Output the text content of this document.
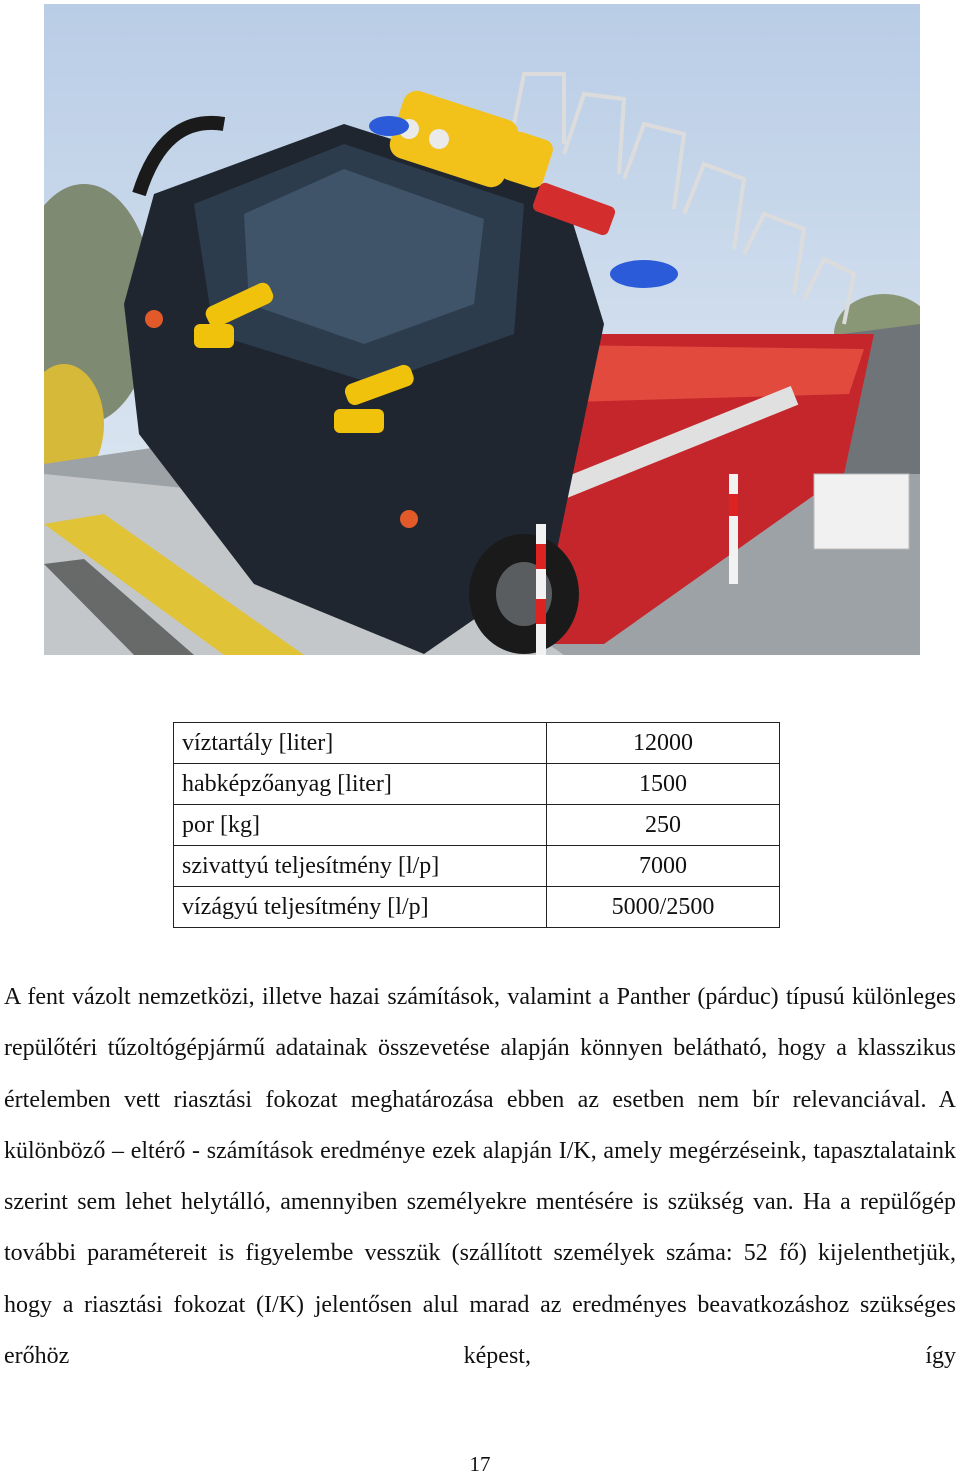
víztartály [liter]	12000
habképzőanyag [liter]	1500
por [kg]	250
szivattyú teljesítmény [l/p]	7000
vízágyú teljesítmény [l/p]	5000/2500

A fent vázolt nemzetközi, illetve hazai számítások, valamint a Panther (párduc) típusú különleges repülőtéri tűzoltógépjármű adatainak összevetése alapján könnyen belátható, hogy a klasszikus értelemben vett riasztási fokozat meghatározása ebben az esetben nem bír relevanciával. A különböző – eltérő - számítások eredménye ezek alapján I/K, amely megérzéseink, tapasztalataink szerint sem lehet helytálló, amennyiben személyekre mentésére is szükség van. Ha a repülőgép további paramétereit is figyelembe vesszük (szállított személyek száma: 52 fő) kijelenthetjük, hogy a riasztási fokozat (I/K) jelentősen alul marad az eredményes beavatkozáshoz szükséges erőhöz képest, így

17
